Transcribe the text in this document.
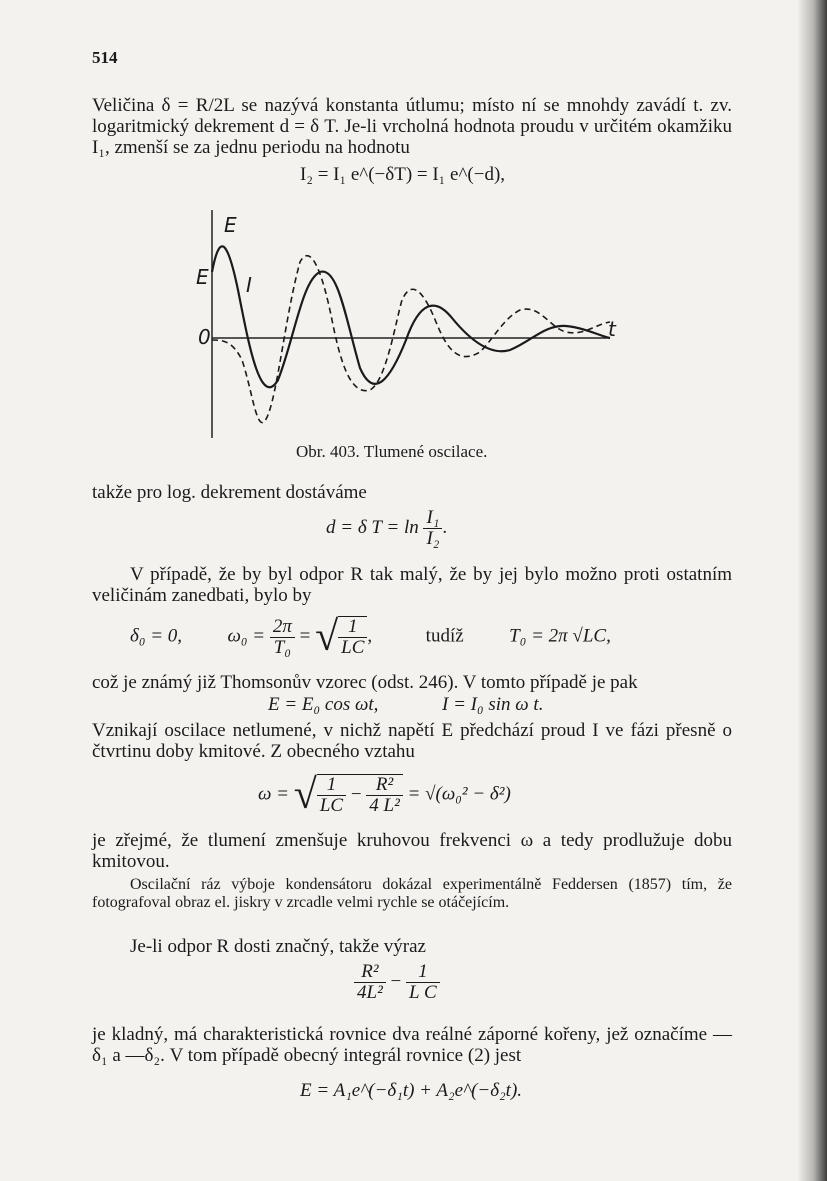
514
Veličina δ = R/2L se nazývá konstanta útlumu; místo ní se mnohdy zavádí t. zv. logaritmický dekrement d = δ T. Je-li vrcholná hodnota proudu v určitém okamžiku I₁, zmenší se za jednu periodu na hodnotu
I₂ = I₁ e^(−δT) = I₁ e^(−d),
E
E I
0	t
Obr. 403. Tlumené oscilace.
takže pro log. dekrement dostáváme
d = δ $T = \ln \frac{\text{I₁}}{\text{I₂}}$ .
V případě, že by byl odpor R tak malý, že by jej bylo možno proti ostatním veličinám zanedbati, bylo by
δ₀ = 0, $\omega_0 = \frac{2\pi}{\text{T₀}}$ = √ $\frac{1}{LC}$ ,	tudíž T₀ = 2π √LC,
což je známý již Thomsonův vzorec (odst. 246). V tomto případě je pak
E = E₀ cos ωt,	I = I₀ sin ω t.
Vznikají oscilace netlumené, v nichž napětí E předchází proud I ve fázi přesně o čtvrtinu doby kmitové. Z obecného vztahu
ω = √ $\frac{1}{LC} - \frac{\text{R²}}{\text{4 L²}} = √(\omega_0^2 - \delta^2)$
je zřejmé, že tlumení zmenšuje kruhovou frekvenci ω a tedy prodlužuje dobu kmitovou.
Oscilační ráz výboje kondensátoru dokázal experimentálně Feddersen (1857) tím, že fotografoval obraz el. jiskry v zrcadle velmi rychle se otáčejícím.
Je-li odpor R dosti značný, takže výraz
$\frac{\text{R²}}{\text{4L²}} - \frac{1}{\text{L C}}$
je kladný, má charakteristická rovnice dva reálné záporné kořeny, jež označíme —δ₁ a —δ₂. V tom případě obecný integrál rovnice (2) jest
E = A₁e^(−δ₁t) + A₂e^(−δ₂t).
